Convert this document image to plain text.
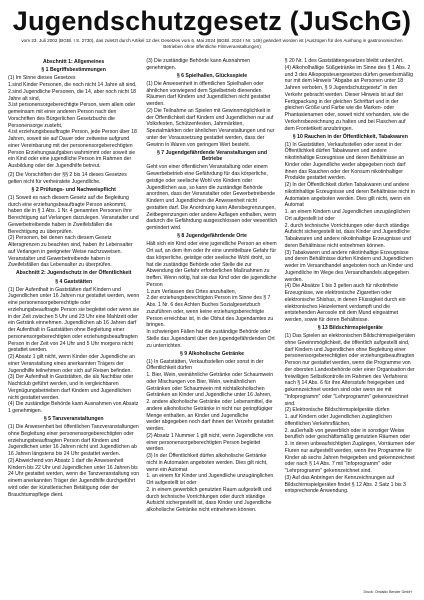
Jugendschutzgesetz (JuSchG)
vom 23. Juli 2002 (BGBl. I S. 2730), das zuletzt durch Artikel 12 des Gesetzes vom 6. Mai 2024 (BGBl. 2024 I Nr. 149) geändert worden ist (Auszügen für den Aushang in gastronomischen Betrieben ohne öffentliche Filmveranstaltungen)

Abschnitt 1: Allgemeines

§ 1 Begriffsbestimmungen

(1) Im Sinne dieses Gesetzes

1.sind Kinder Personen, die noch nicht 14 Jahre alt sind,

2.sind Jugendliche Personen, die 14, aber noch nicht 18 Jahre alt sind,

3.ist personensorgeberechtigte Person, wem allein oder gemeinsam mit einer anderen Person nach den Vorschriften des Bürgerlichen Gesetzbuchs die Personensorge zusteht,

4.ist erziehungsbeauftragte Person, jede Person über 18 Jahren, soweit sie auf Dauer oder zeitweise aufgrund einer Vereinbarung mit der personensorgeberechtigten Person Erziehungsaufgaben wahrnimmt oder soweit sie ein Kind oder eine jugendliche Person im Rahmen der Ausbildung oder der Jugendhilfe betreut.

(2) Die Vorschriften der §§ 2 bis 14 dieses Gesetzes gelten nicht für verheiratete Jugendliche.

§ 2 Prüfungs- und Nachweispflicht

(1) Soweit es nach diesem Gesetz auf die Begleitung durch eine erziehungsbeauftragte Person ankommt, haben die in § 1 Abs. 1 Nr. 4 genannten Personen ihre Berechtigung auf Verlangen darzulegen. Veranstalter und Gewerbetreibende haben in Zweifelsfällen die Berechtigung zu überprüfen.

(2) Personen, bei denen nach diesem Gesetz Altersgrenzen zu beachten sind, haben ihr Lebensalter auf Verlangen in geeigneter Weise nachzuweisen. Veranstalter und Gewerbetreibende haben in Zweifelsfällen das Lebensalter zu überprüfen.

Abschnitt 2: Jugendschutz in der Öffentlichkeit

§ 4 Gaststätten

(1) Der Aufenthalt in Gaststätten darf Kindern und Jugendlichen unter 16 Jahren nur gestattet werden, wenn eine personensorgeberechtigte oder erziehungsbeauftragte Person sie begleitet oder wenn sie in der Zeit zwischen 5 Uhr und 23 Uhr eine Mahlzeit oder ein Getränk einnehmen. Jugendlichen ab 16 Jahren darf der Aufenthalt in Gaststätten ohne Begleitung einer personensorgeberechtigten oder erziehungsbeauftragten Person in der Zeit von 24 Uhr und 5 Uhr morgens nicht gestattet werden.

(2) Absatz 1 gilt nicht, wenn Kinder oder Jugendliche an einer Veranstaltung eines anerkannten Trägers der Jugendhilfe teilnehmen oder sich auf Reisen befinden.

(3) Der Aufenthalt in Gaststätten, die als Nachtbar oder Nachtclub geführt werden, und in vergleichbaren Vergnügungsbetrieben darf Kindern und Jugendlichen nicht gestattet werden.

(4) Die zuständige Behörde kann Ausnahmen von Absatz 1 genehmigen.

§ 5 Tanzveranstaltungen

(1) Die Anwesenheit bei öffentlichen Tanzveranstaltungen ohne Begleitung einer personensorgeberechtigten oder erziehungsbeauftragten Person darf Kindern und Jugendlichen unter 16 Jahren nicht und Jugendlichen ab 16 Jahren längstens bis 24 Uhr gestattet werden.

(2) Abweichend von Absatz 1 darf die Anwesenheit Kindern bis 22 Uhr und Jugendlichen unter 16 Jahren bis 24 Uhr gestattet werden, wenn die Tanzveranstaltung von einem anerkannten Träger der Jugendhilfe durchgeführt wird oder der künstlerischen Betätigung oder der Brauchtumspflege dient.

(3) Die zuständige Behörde kann Ausnahmen genehmigen.

§ 6 Spielhallen, Glücksspiele

(1) Die Anwesenheit in öffentlichen Spielhallen oder ähnlichen vorwiegend dem Spielbetrieb dienenden Räumen darf Kindern und Jugendlichen nicht gestattet werden.

(2) Die Teilnahme an Spielen mit Gewinnmöglichkeit in der Öffentlichkeit darf Kindern und Jugendlichen nur auf Volksfesten, Schützenfesten, Jahrmärkten, Spezialmärkten oder ähnlichen Veranstaltungen und nur unter der Voraussetzung gestattet werden, dass der Gewinn in Waren von geringem Wert besteht.

§ 7 Jugendgefährdende Veranstaltungen und Betriebe

Geht von einer öffentlichen Veranstaltung oder einem Gewerbebetrieb eine Gefährdung für das körperliche, geistige oder seelische Wohl von Kindern oder Jugendlichen aus, so kann die zuständige Behörde anordnen, dass der Veranstalter oder Gewerbetreibende Kindern und Jugendlichen die Anwesenheit nicht gestatten darf. Die Anordnung kann Altersbegrenzungen, Zeitbegrenzungen oder andere Auflagen enthalten, wenn dadurch die Gefährdung ausgeschlossen oder wesentlich gemindert wird.

§ 8 Jugendgefährdende Orte

Hält sich ein Kind oder eine jugendliche Person an einem Ort auf, an dem ihm oder ihr eine unmittelbare Gefahr für das körperliche, geistige oder seelische Wohl droht, so hat die zuständige Behörde oder Stelle die zur Abwendung der Gefahr erforderlichen Maßnahmen zu treffen. Wenn nötig, hat sie das Kind oder die jugendliche Person

1.zum Verlassen des Ortes anzuhalten,

2.der erziehungsberechtigten Person im Sinne des § 7 Abs. 1 Nr. 6 des Achten Buches Sozialgesetzbuch zuzuführen oder, wenn keine erziehungsberechtigte Person erreichbar ist, in die Obhut des Jugendamtes zu bringen.

In schwierigen Fällen hat die zuständige Behörde oder Stelle das Jugendamt über den jugendgefährdenden Ort zu unterrichten.

§ 9 Alkoholische Getränke

(1) In Gaststätten, Verkaufsstellen oder sonst in der Öffentlichkeit dürfen

1. Bier, Wein, weinähnliche Getränke oder Schaumwein oder Mischungen von Bier, Wein, weinähnlichen Getränken oder Schaumwein mit nichtalkoholischen Getränken an Kinder und Jugendliche unter 16 Jahren,

2. andere alkoholische Getränke oder Lebensmittel, die andere alkoholische Getränke in nicht nur geringfügiger Menge enthalten, an Kinder und Jugendliche

weder abgegeben noch darf ihnen der Verzehr gestattet werden.

(2) Absatz 1 Nummer 1 gilt nicht, wenn Jugendliche von einer personensorgeberechtigten Person begleitet werden.

(3) In der Öffentlichkeit dürfen alkoholische Getränke nicht in Automaten angeboten werden. Dies gilt nicht, wenn ein Automat

1. an einem für Kinder und Jugendliche unzugänglichen Ort aufgestellt ist oder

2. in einem gewerblich genutzten Raum aufgestellt und durch technische Vorrichtungen oder durch ständige Aufsicht sichergestellt ist, dass Kinder und Jugendliche alkoholische Getränke nicht entnehmen können.

§ 20 Nr. 1 des Gaststättengesetzes bleibt unberührt.

(4) Alkoholhaltige Süßgetränke im Sinne des § 1 Abs. 2 und 3 des Alkopopsteuergesetzes dürfen gewerbsmäßig nur mit dem Hinweis "Abgabe an Personen unter 18 Jahren verboten, § 9 Jugendschutzgesetz" in den Verkehr gebracht werden. Dieser Hinweis ist auf der Fertigpackung in der gleichen Schriftart und in der gleichen Größe und Farbe wie die Marken- oder Phantasienamen oder, soweit nicht vorhanden, wie die Verkehrsbezeichnung zu halten und bei Flaschen auf dem Frontetikett anzubringen.

§ 10 Rauchen in der Öffentlichkeit, Tabakwaren

(1) In Gaststätten, Verkaufsstellen oder sonst in der Öffentlichkeit dürfen Tabakwaren und andere nikotinhaltige Erzeugnisse und deren Behältnisse an Kinder oder Jugendliche weder abgegeben noch darf ihnen das Rauchen oder der Konsum nikotinhaltiger Produkte gestattet werden.

(2) In der Öffentlichkeit dürfen Tabakwaren und andere nikotinhaltige Erzeugnisse und deren Behältnisse nicht in Automaten angeboten werden. Dies gilt nicht, wenn ein Automat

1. an einem Kindern und Jugendlichen unzugänglichen Ort aufgestellt ist oder

2. durch technische Vorrichtungen oder durch ständige Aufsicht sichergestellt ist, dass Kinder und Jugendliche Tabakwaren und andere nikotinhaltige Erzeugnisse und deren Behältnisse nicht entnehmen können.

(3) Tabakwaren und andere nikotinhaltige Erzeugnisse und deren Behältnisse dürfen Kindern und Jugendlichen weder im Versandhandel angeboten noch an Kinder und Jugendliche im Wege des Versandhandels abgegeben werden.

(4) Die Absätze 1 bis 3 gelten auch für nikotinfreie Erzeugnisse, wie elektronische Zigaretten oder elektronische Shishas, in denen Flüssigkeit durch ein elektronisches Heizelement verdampft und die entstehenden Aerosole mit dem Mund eingeatmet werden, sowie für deren Behältnisse.

§ 13 Bildschirmspielgeräte

(1) Das Spielen an elektronischen Bildschirmspielgeräten ohne Gewinnmöglichkeit, die öffentlich aufgestellt sind, darf Kindern und Jugendlichen ohne Begleitung einer personensorgeberechtigten oder erziehungsbeauftragten Person nur gestattet werden, wenn die Programme von der obersten Landesbehörde oder einer Organisation der freiwilligen Selbstkontrolle im Rahmen des Verfahrens nach § 14 Abs. 6 für ihre Altersstufe freigegeben und gekennzeichnet worden sind oder wenn sie mit "Infoprogramm" oder "Lehrprogramm" gekennzeichnet sind.

(2) Elektronische Bildschirmspielgeräte dürfen

1. auf Kindern oder Jugendlichen zugänglichen öffentlichen Verkehrsflächen,

2. außerhalb von gewerblich oder in sonstiger Weise beruflich oder geschäftsmäßig genutzten Räumen oder

3. in deren unbeaufsichtigten Zugängen, Vorräumen oder Fluren nur aufgestellt werden, wenn ihre Programme für Kinder ab sechs Jahren freigegeben und gekennzeichnet oder nach § 14 Abs. 7 mit "Infoprogramm" oder "Lehrprogramm" gekennzeichnet sind.

(3) Auf das Anbringen der Kennzeichnungen auf Bildschirmspielgeräten findet § 12 Abs. 2 Satz 1 bis 3 entsprechende Anwendung.

Druck: Omladic Bender GmbH
